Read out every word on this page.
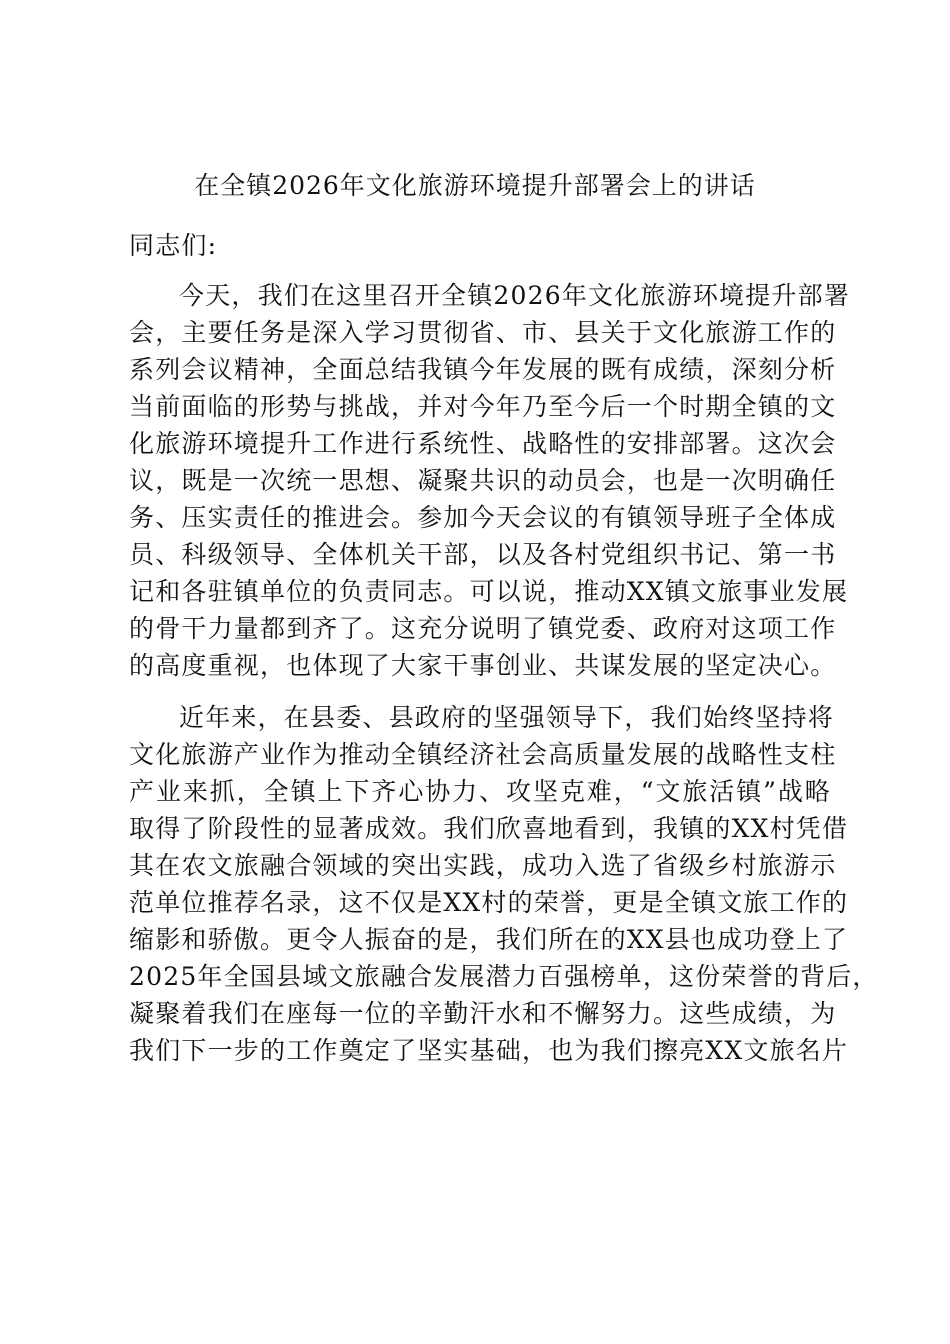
在全镇2026年文化旅游环境提升部署会上的讲话
同志们:
今天，我们在这里召开全镇2026年文化旅游环境提升部署
会，主要任务是深入学习贯彻省、市、县关于文化旅游工作的
系列会议精神，全面总结我镇今年发展的既有成绩，深刻分析
当前面临的形势与挑战，并对今年乃至今后一个时期全镇的文
化旅游环境提升工作进行系统性、战略性的安排部署。这次会
议，既是一次统一思想、凝聚共识的动员会，也是一次明确任
务、压实责任的推进会。参加今天会议的有镇领导班子全体成
员、科级领导、全体机关干部，以及各村党组织书记、第一书
记和各驻镇单位的负责同志。可以说，推动XX镇文旅事业发展
的骨干力量都到齐了。这充分说明了镇党委、政府对这项工作
的高度重视，也体现了大家干事创业、共谋发展的坚定决心。
近年来，在县委、县政府的坚强领导下，我们始终坚持将
文化旅游产业作为推动全镇经济社会高质量发展的战略性支柱
产业来抓，全镇上下齐心协力、攻坚克难，“文旅活镇”战略
取得了阶段性的显著成效。我们欣喜地看到，我镇的XX村凭借
其在农文旅融合领域的突出实践，成功入选了省级乡村旅游示
范单位推荐名录，这不仅是XX村的荣誉，更是全镇文旅工作的
缩影和骄傲。更令人振奋的是，我们所在的XX县也成功登上了
2025年全国县域文旅融合发展潜力百强榜单，这份荣誉的背后，
凝聚着我们在座每一位的辛勤汗水和不懈努力。这些成绩，为
我们下一步的工作奠定了坚实基础，也为我们擦亮XX文旅名片
